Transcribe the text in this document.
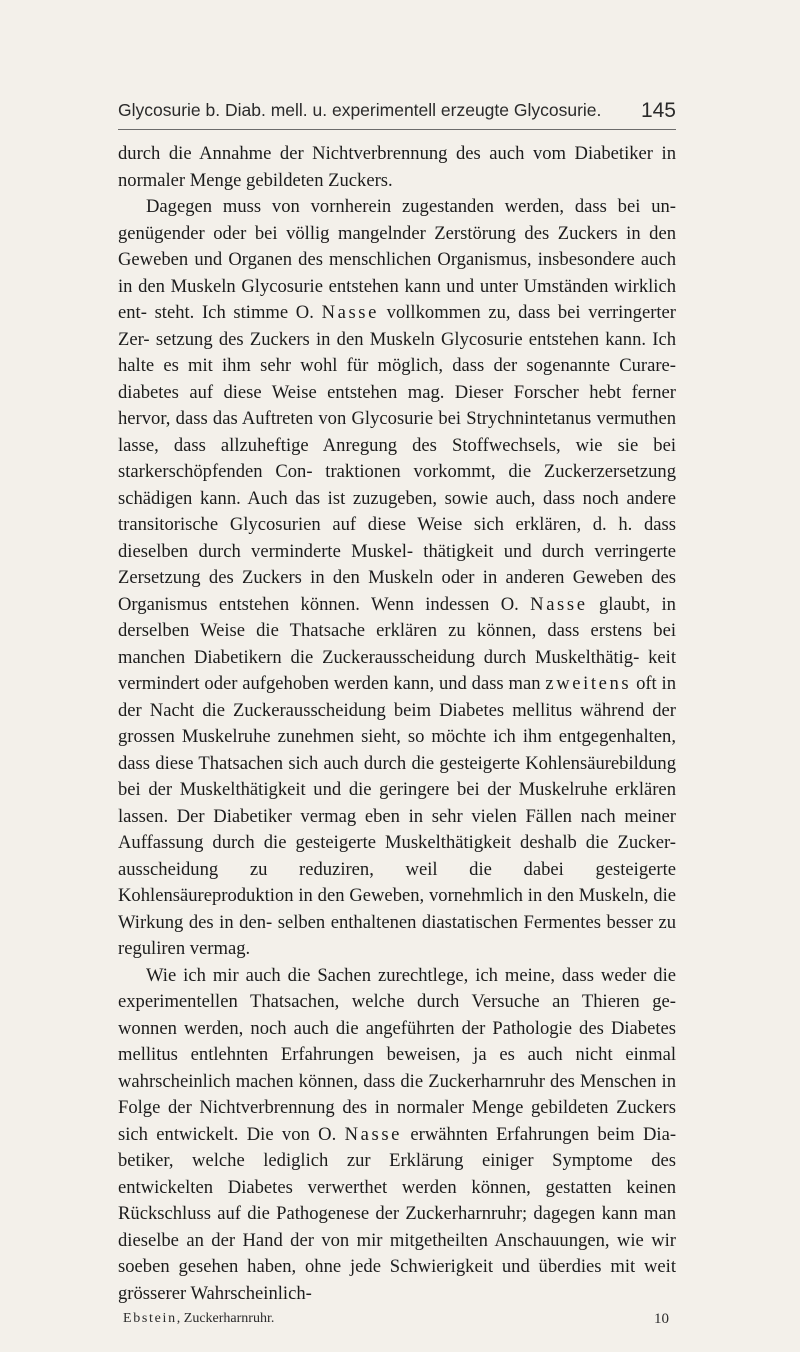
Glycosurie b. Diab. mell. u. experimentell erzeugte Glycosurie. 145

durch die Annahme der Nichtverbrennung des auch vom Diabetiker in normaler Menge gebildeten Zuckers.

Dagegen muss von vornherein zugestanden werden, dass bei un- genügender oder bei völlig mangelnder Zerstörung des Zuckers in den Geweben und Organen des menschlichen Organismus, insbesondere auch in den Muskeln Glycosurie entstehen kann und unter Umständen wirklich ent- steht. Ich stimme O. Nasse vollkommen zu, dass bei verringerter Zer- setzung des Zuckers in den Muskeln Glycosurie entstehen kann. Ich halte es mit ihm sehr wohl für möglich, dass der sogenannte Curare- diabetes auf diese Weise entstehen mag. Dieser Forscher hebt ferner hervor, dass das Auftreten von Glycosurie bei Strychnintetanus vermuthen lasse, dass allzuheftige Anregung des Stoffwechsels, wie sie bei starkerschöpfenden Con- traktionen vorkommt, die Zuckerzersetzung schädigen kann. Auch das ist zuzugeben, sowie auch, dass noch andere transitorische Glycosurien auf diese Weise sich erklären, d. h. dass dieselben durch verminderte Muskel- thätigkeit und durch verringerte Zersetzung des Zuckers in den Muskeln oder in anderen Geweben des Organismus entstehen können. Wenn indessen O. Nasse glaubt, in derselben Weise die Thatsache erklären zu können, dass erstens bei manchen Diabetikern die Zuckerausscheidung durch Muskelthätig- keit vermindert oder aufgehoben werden kann, und dass man zweitens oft in der Nacht die Zuckerausscheidung beim Diabetes mellitus während der grossen Muskelruhe zunehmen sieht, so möchte ich ihm entgegenhalten, dass diese Thatsachen sich auch durch die gesteigerte Kohlensäurebildung bei der Muskelthätigkeit und die geringere bei der Muskelruhe erklären lassen. Der Diabetiker vermag eben in sehr vielen Fällen nach meiner Auffassung durch die gesteigerte Muskelthätigkeit deshalb die Zucker- ausscheidung zu reduziren, weil die dabei gesteigerte Kohlensäureproduktion in den Geweben, vornehmlich in den Muskeln, die Wirkung des in den- selben enthaltenen diastatischen Fermentes besser zu reguliren vermag.

Wie ich mir auch die Sachen zurechtlege, ich meine, dass weder die experimentellen Thatsachen, welche durch Versuche an Thieren ge- wonnen werden, noch auch die angeführten der Pathologie des Diabetes mellitus entlehnten Erfahrungen beweisen, ja es auch nicht einmal wahrscheinlich machen können, dass die Zuckerharnruhr des Menschen in Folge der Nichtverbrennung des in normaler Menge gebildeten Zuckers sich entwickelt. Die von O. Nasse erwähnten Erfahrungen beim Dia- betiker, welche lediglich zur Erklärung einiger Symptome des entwickelten Diabetes verwerthet werden können, gestatten keinen Rückschluss auf die Pathogenese der Zuckerharnruhr; dagegen kann man dieselbe an der Hand der von mir mitgetheilten Anschauungen, wie wir soeben gesehen haben, ohne jede Schwierigkeit und überdies mit weit grösserer Wahrscheinlich-

Ebstein, Zuckerharnruhr.	10
